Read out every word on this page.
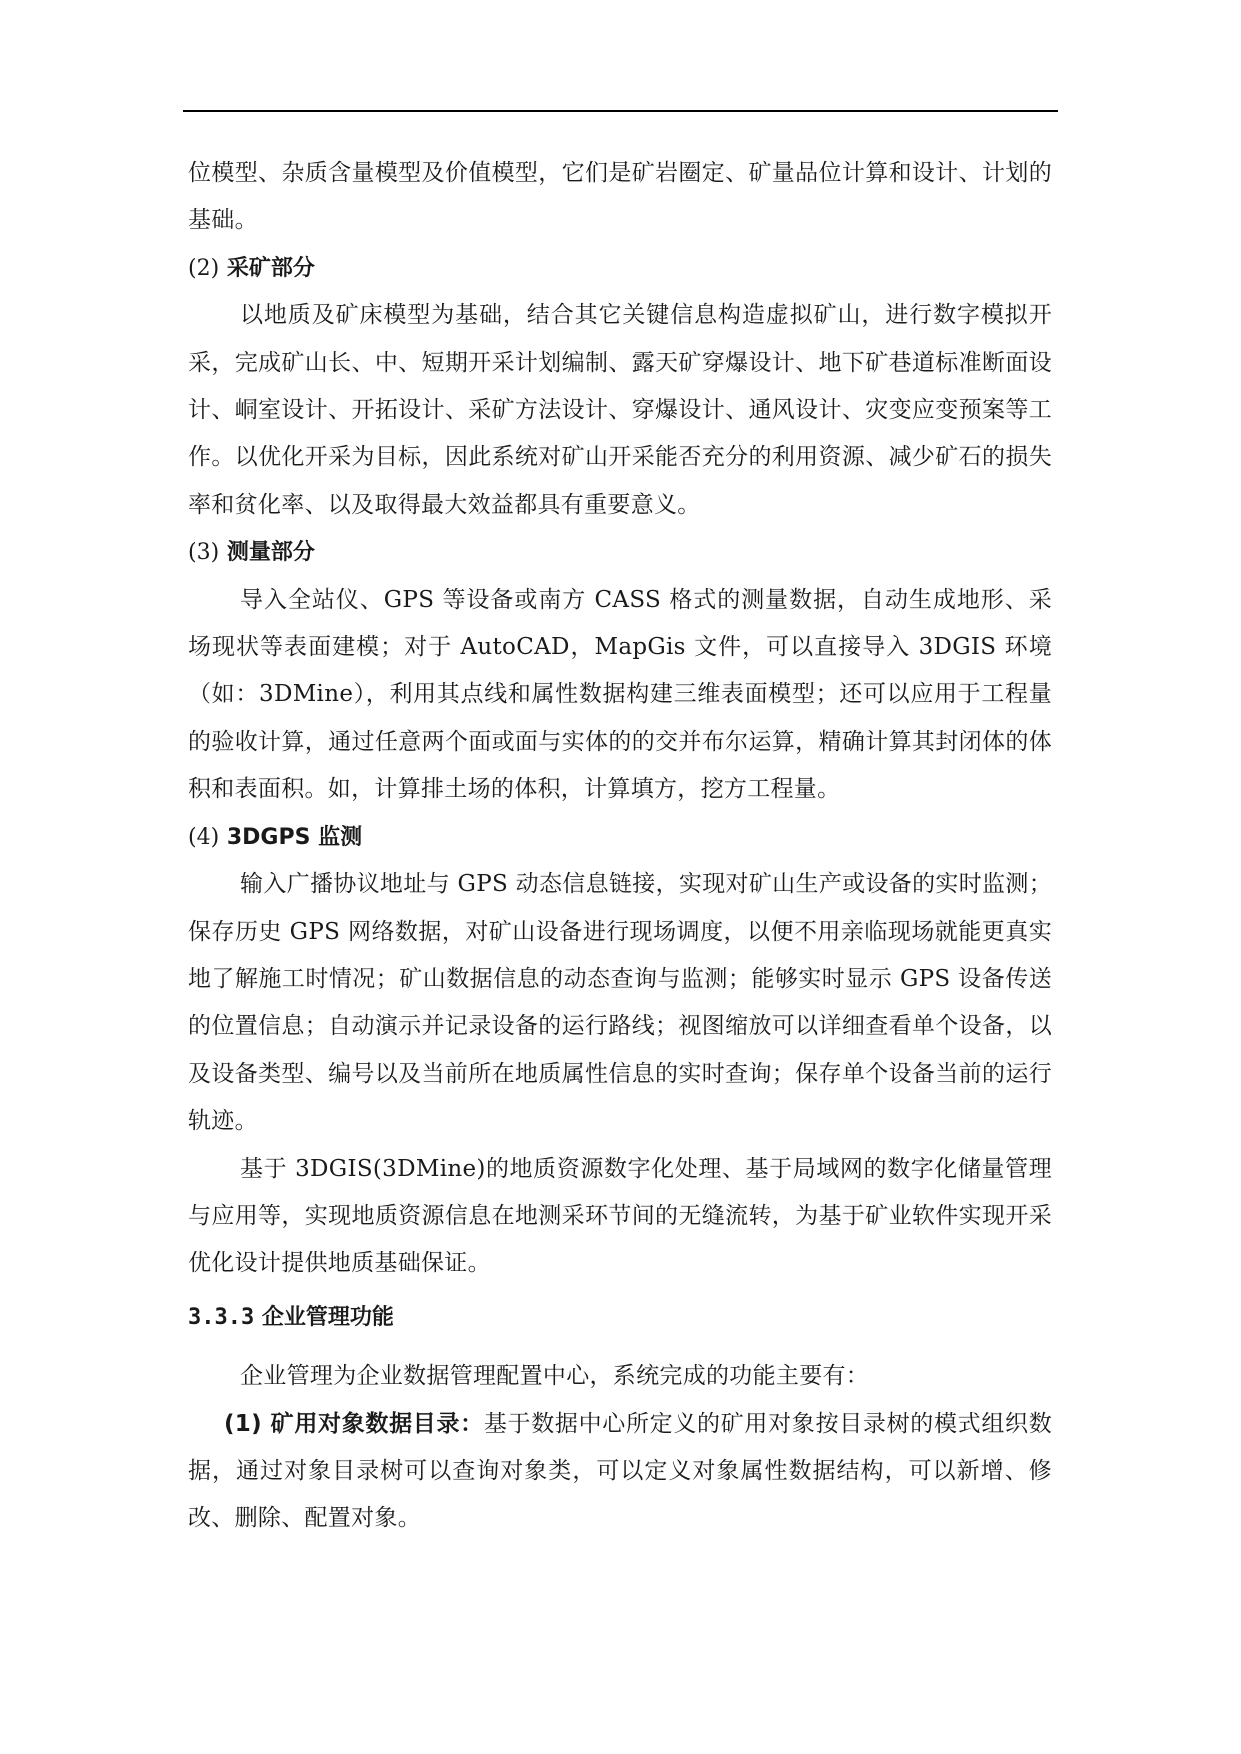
位模型、杂质含量模型及价值模型，它们是矿岩圈定、矿量品位计算和设计、计划的基础。

(2) 采矿部分

以地质及矿床模型为基础，结合其它关键信息构造虚拟矿山，进行数字模拟开采，完成矿山长、中、短期开采计划编制、露天矿穿爆设计、地下矿巷道标准断面设计、峒室设计、开拓设计、采矿方法设计、穿爆设计、通风设计、灾变应变预案等工作。以优化开采为目标，因此系统对矿山开采能否充分的利用资源、减少矿石的损失率和贫化率、以及取得最大效益都具有重要意义。

(3) 测量部分

导入全站仪、GPS 等设备或南方 CASS 格式的测量数据，自动生成地形、采场现状等表面建模；对于 AutoCAD，MapGis 文件，可以直接导入 3DGIS 环境（如：3DMine），利用其点线和属性数据构建三维表面模型；还可以应用于工程量的验收计算，通过任意两个面或面与实体的的交并布尔运算，精确计算其封闭体的体积和表面积。如，计算排土场的体积，计算填方，挖方工程量。

(4) 3DGPS 监测

输入广播协议地址与 GPS 动态信息链接，实现对矿山生产或设备的实时监测；保存历史 GPS 网络数据，对矿山设备进行现场调度，以便不用亲临现场就能更真实地了解施工时情况；矿山数据信息的动态查询与监测；能够实时显示 GPS 设备传送的位置信息；自动演示并记录设备的运行路线；视图缩放可以详细查看单个设备，以及设备类型、编号以及当前所在地质属性信息的实时查询；保存单个设备当前的运行轨迹。

基于 3DGIS(3DMine)的地质资源数字化处理、基于局域网的数字化储量管理与应用等，实现地质资源信息在地测采环节间的无缝流转，为基于矿业软件实现开采优化设计提供地质基础保证。

3.3.3 企业管理功能

企业管理为企业数据管理配置中心，系统完成的功能主要有：

(1) 矿用对象数据目录：基于数据中心所定义的矿用对象按目录树的模式组织数据，通过对象目录树可以查询对象类，可以定义对象属性数据结构，可以新增、修改、删除、配置对象。
